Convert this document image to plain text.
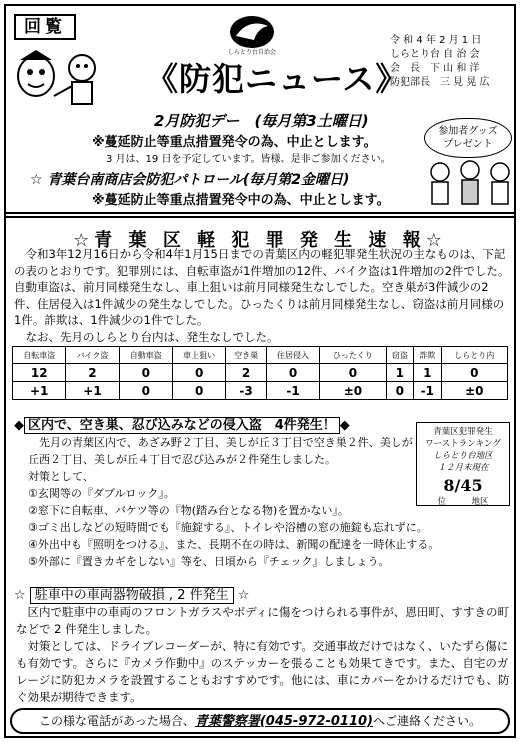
回覧
しらとり台自治会
《防犯ニュース》
令 和 4 年 2 月 1 日
しらとり台 自 治 会
会　長　下 山 和 洋
防犯部長　三 見 晃 広
2月防犯デー　(毎月第3土曜日)
※蔓延防止等重点措置発令の為、中止とします。
3 月は、19 日を予定しています。皆様、是非ご参加ください。
☆ 青葉台南商店会防犯パトロール(毎月第2金曜日)
※蔓延防止等重点措置発令中の為、中止とします。
参加者グッズ
プレゼント
☆青 葉 区 軽 犯 罪 発 生 速 報☆

令和3年12月16日から令和4年1月15日までの青葉区内の軽犯罪発生状況の主なものは、下記の表のとおりです。犯罪別には、自転車盗が1件増加の12件、バイク盗は1件増加の2件でした。自動車盗は、前月同様発生なし、車上狙いは前月同様発生なしでした。空き巣が3件減少の2件、住居侵入は1件減少の発生なしでした。ひったくりは前月同様発生なし、窃盗は前月同様の1件。詐欺は、1件減少の1件でした。

なお、先月のしらとり台内は、発生なしでした。

自転車盗	バイク盗	自動車盗	車上狙い	空き巣	住居侵入	ひったくり	窃盗	詐欺	しらとり内
12	2	0	0	2	0	0	1	1	0
+1	+1	0	0	-3	-1	±0	0	-1	±0
◆ 区内で、空き巣、忍び込みなどの侵入盗　4件発生！ ◆	青葉区犯罪発生
ワーストランキング
しらとり台地区
１２月末現在
8/45
位　　　地区
先月の青葉区内で、あざみ野２丁目、美しが丘３丁目で空き巣２件、美しが丘西２丁目、美しが丘４丁目で忍び込みが２件発生しました。
対策として、
①玄関等の『ダブルロック』。
②窓下に自転車、バケツ等の『物(踏み台となる物)を置かない』。
③ゴミ出しなどの短時間でも『施錠する』、トイレや浴槽の窓の施錠も忘れずに。
④外出中も『照明をつける』、また、長期不在の時は、新聞の配達を一時休止する。
⑤外部に『置きカギをしない』等を、日頃から『チェック』しましょう。
☆ 駐車中の車両器物破損 , 2 件発生 ☆

区内で駐車中の車両のフロントガラスやボディに傷をつけられる事件が、恩田町、すすきの町などで 2 件発生しました。

対策としては、ドライブレコーダーが、特に有効です。交通事故だけではなく、いたずら傷にも有効です。さらに『カメラ作動中』のステッカーを張ることも効果てきです。また、自宅のガレージに防犯カメラを設置することもおすすめです。他には、車にカバーをかけるだけでも、防ぐ効果が期待できます。

この様な電話があった場合、青葉警察署(045-972-0110)へご連絡ください。
